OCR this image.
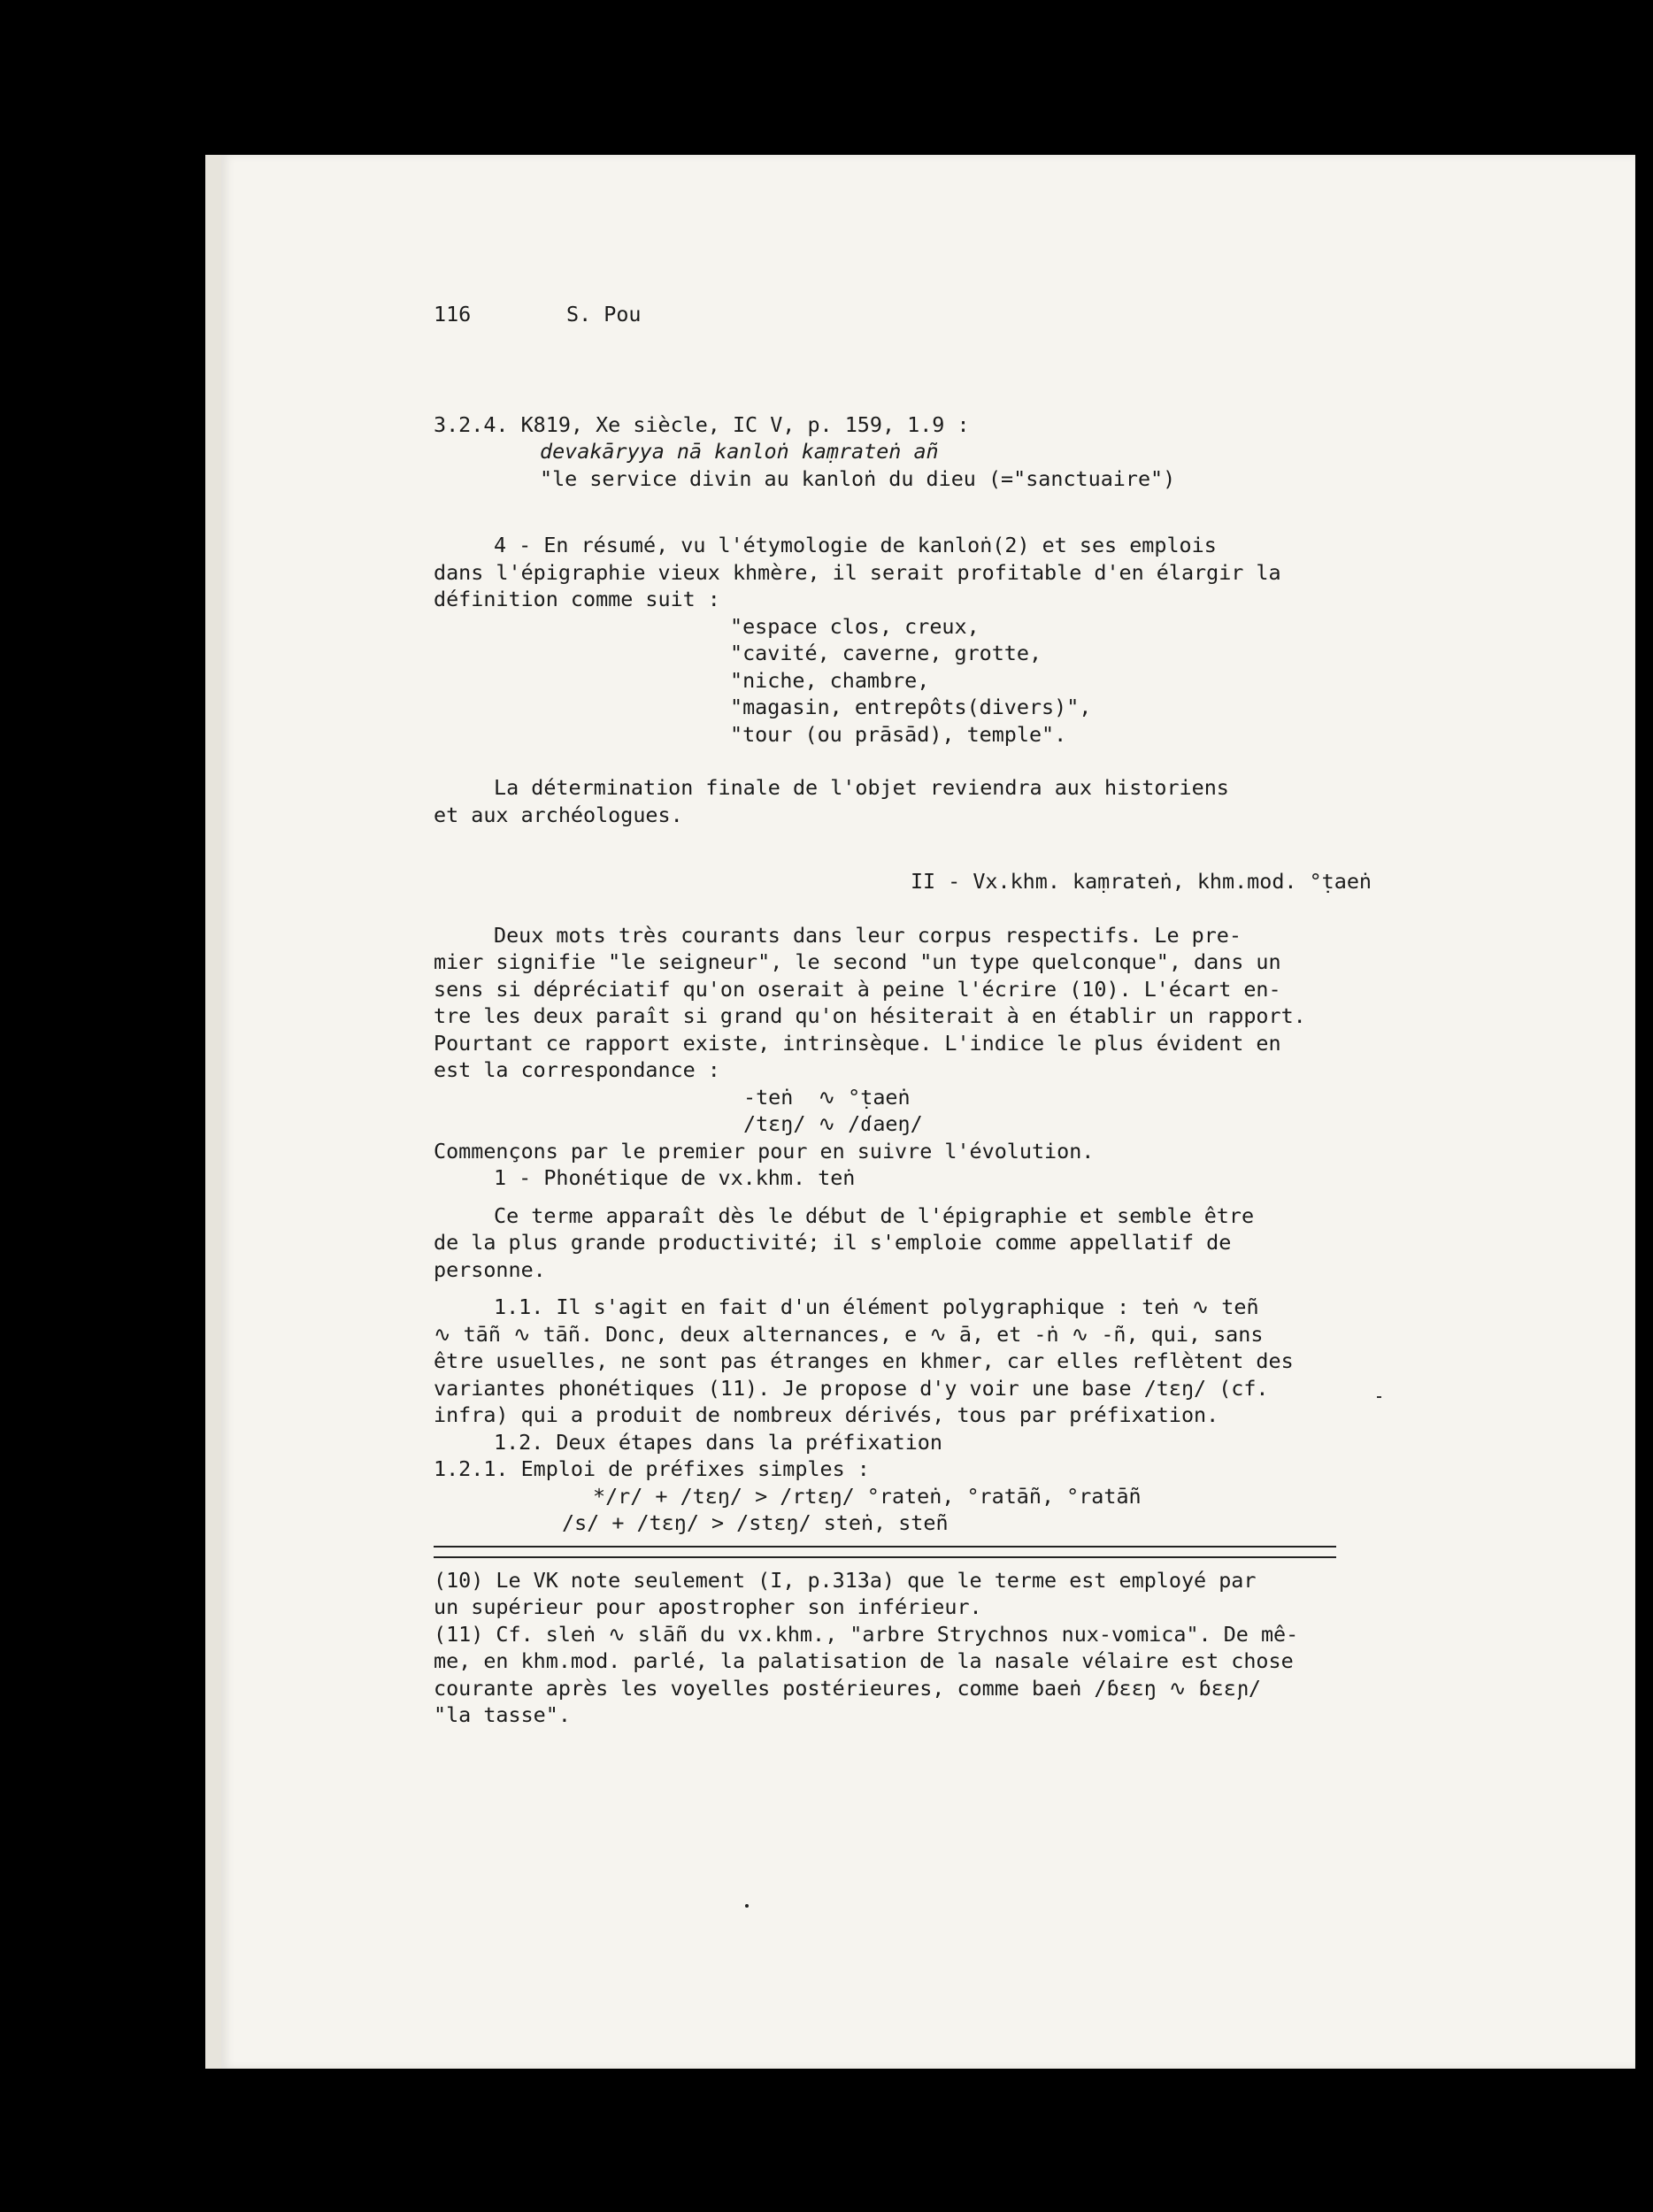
116	S. Pou
3.2.4. K819, Xe siècle, IC V, p. 159, 1.9 :
devakāryya nā kanloṅ kaṃrateṅ añ
"le service divin au kanloṅ du dieu (="sanctuaire")
4 - En résumé, vu l'étymologie de kanloṅ(2) et ses emplois
dans l'épigraphie vieux khmère, il serait profitable d'en élargir la
définition comme suit :
"espace clos, creux,
"cavité, caverne, grotte,
"niche, chambre,
"magasin, entrepôts(divers)",
"tour (ou prāsād), temple".
La détermination finale de l'objet reviendra aux historiens
et aux archéologues.
II - Vx.khm. kaṃrateṅ, khm.mod. °ṭaeṅ
Deux mots très courants dans leur corpus respectifs. Le pre-
mier signifie "le seigneur", le second "un type quelconque", dans un
sens si dépréciatif qu'on oserait à peine l'écrire (10). L'écart en-
tre les deux paraît si grand qu'on hésiterait à en établir un rapport.
Pourtant ce rapport existe, intrinsèque. L'indice le plus évident en
est la correspondance :
-teṅ  ∿ °ṭaeṅ
/tɛŋ/ ∿ /ɗaeŋ/
Commençons par le premier pour en suivre l'évolution.
1 - Phonétique de vx.khm. teṅ
Ce terme apparaît dès le début de l'épigraphie et semble être
de la plus grande productivité; il s'emploie comme appellatif de
personne.
1.1. Il s'agit en fait d'un élément polygraphique : teṅ ∿ teñ
∿ tāñ ∿ tāñ. Donc, deux alternances, e ∿ ā, et -ṅ ∿ -ñ, qui, sans
être usuelles, ne sont pas étranges en khmer, car elles reflètent des
variantes phonétiques (11). Je propose d'y voir une base /tɛŋ/ (cf.
infra) qui a produit de nombreux dérivés, tous par préfixation.
1.2. Deux étapes dans la préfixation
1.2.1. Emploi de préfixes simples :
*/r/ + /tɛŋ/ > /rtɛŋ/ °rateṅ, °ratāñ, °ratāñ
/s/ + /tɛŋ/ > /stɛŋ/ steṅ, steñ
(10) Le VK note seulement (I, p.313a) que le terme est employé par
un supérieur pour apostropher son inférieur.
(11) Cf. sleṅ ∿ slāñ du vx.khm., "arbre Strychnos nux-vomica". De mê-
me, en khm.mod. parlé, la palatisation de la nasale vélaire est chose
courante après les voyelles postérieures, comme baeṅ /ɓɛɛŋ ∿ ɓɛɛɲ/
"la tasse".
